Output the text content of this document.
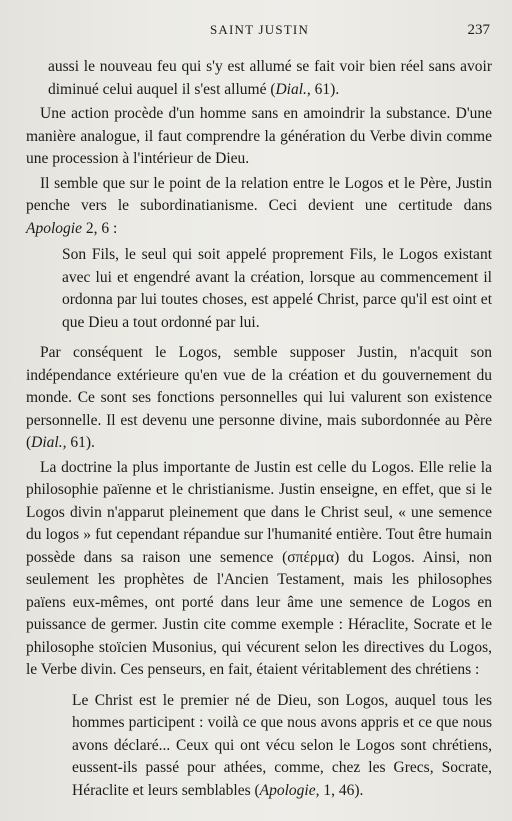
SAINT JUSTIN	237

aussi le nouveau feu qui s'y est allumé se fait voir bien réel sans avoir diminué celui auquel il s'est allumé (Dial., 61).

Une action procède d'un homme sans en amoindrir la substance. D'une manière analogue, il faut comprendre la génération du Verbe divin comme une procession à l'intérieur de Dieu.

Il semble que sur le point de la relation entre le Logos et le Père, Justin penche vers le subordinatianisme. Ceci devient une certitude dans Apologie 2, 6 :

Son Fils, le seul qui soit appelé proprement Fils, le Logos existant avec lui et engendré avant la création, lorsque au commencement il ordonna par lui toutes choses, est appelé Christ, parce qu'il est oint et que Dieu a tout ordonné par lui.

Par conséquent le Logos, semble supposer Justin, n'acquit son indépendance extérieure qu'en vue de la création et du gouvernement du monde. Ce sont ses fonctions personnelles qui lui valurent son existence personnelle. Il est devenu une personne divine, mais subordonnée au Père (Dial., 61).

La doctrine la plus importante de Justin est celle du Logos. Elle relie la philosophie païenne et le christianisme. Justin enseigne, en effet, que si le Logos divin n'apparut pleinement que dans le Christ seul, « une semence du logos » fut cependant répandue sur l'humanité entière. Tout être humain possède dans sa raison une semence (σπέρμα) du Logos. Ainsi, non seulement les prophètes de l'Ancien Testament, mais les philosophes païens eux-mêmes, ont porté dans leur âme une semence de Logos en puissance de germer. Justin cite comme exemple : Héraclite, Socrate et le philosophe stoïcien Musonius, qui vécurent selon les directives du Logos, le Verbe divin. Ces penseurs, en fait, étaient véritablement des chrétiens :

Le Christ est le premier né de Dieu, son Logos, auquel tous les hommes participent : voilà ce que nous avons appris et ce que nous avons déclaré... Ceux qui ont vécu selon le Logos sont chrétiens, eussent-ils passé pour athées, comme, chez les Grecs, Socrate, Héraclite et leurs semblables (Apologie, 1, 46).
